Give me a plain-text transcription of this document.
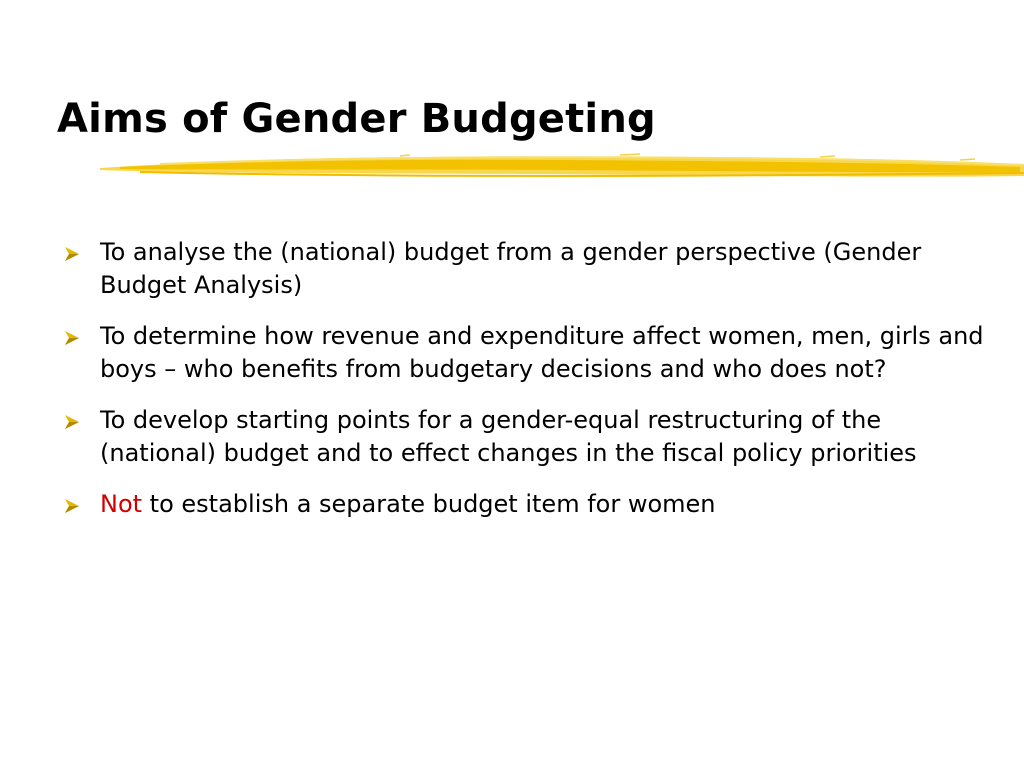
Aims of Gender Budgeting
To analyse the (national) budget from a gender perspective (Gender Budget Analysis)
To determine how revenue and expenditure affect women, men, girls and boys – who benefits from budgetary decisions and who does not?
To develop starting points for a gender-equal restructuring of the (national) budget and to effect changes in the fiscal policy priorities
Not to establish a separate budget item for women
